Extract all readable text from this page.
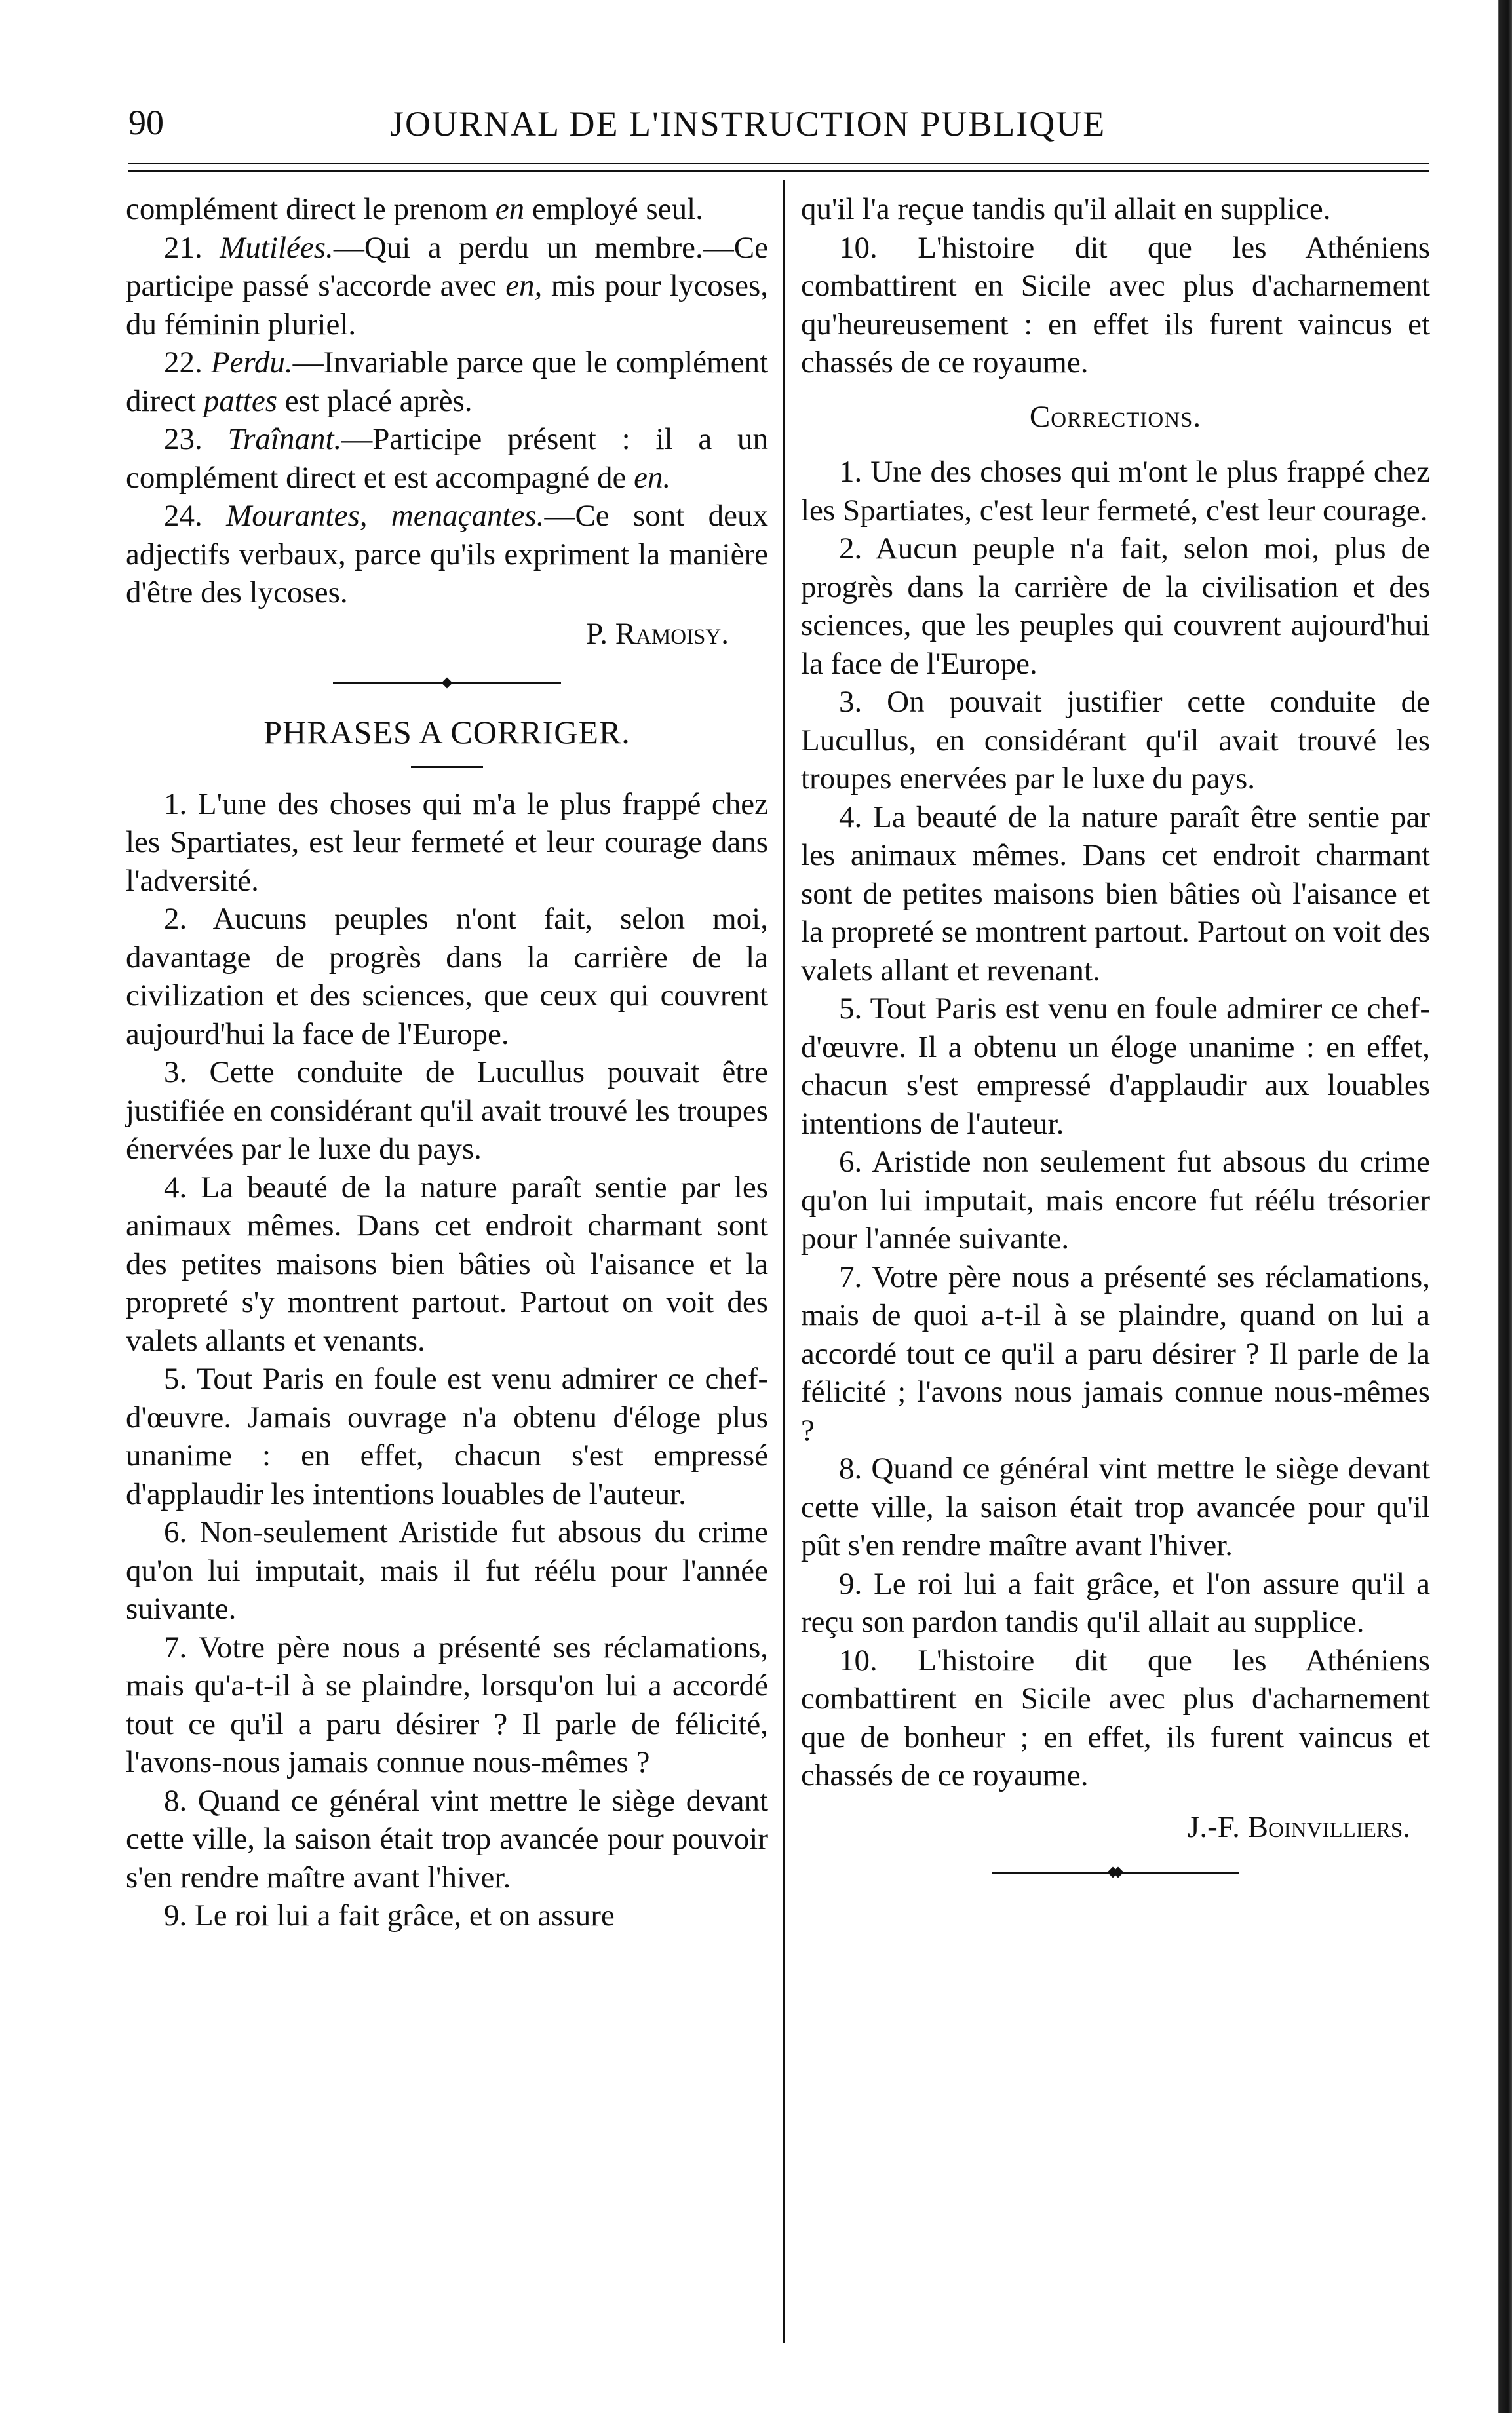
90	JOURNAL DE L'INSTRUCTION PUBLIQUE

complément direct le prenom en employé seul.

21. Mutilées.—Qui a perdu un membre.—Ce participe passé s'accorde avec en, mis pour lycoses, du féminin pluriel.

22. Perdu.—Invariable parce que le complément direct pattes est placé après.

23. Traînant.—Participe présent : il a un complément direct et est accompagné de en.

24. Mourantes, menaçantes.—Ce sont deux adjectifs verbaux, parce qu'ils expriment la manière d'être des lycoses.

P. Ramoisy.

PHRASES A CORRIGER.

1. L'une des choses qui m'a le plus frappé chez les Spartiates, est leur fermeté et leur courage dans l'adversité.

2. Aucuns peuples n'ont fait, selon moi, davantage de progrès dans la carrière de la civilization et des sciences, que ceux qui couvrent aujourd'hui la face de l'Europe.

3. Cette conduite de Lucullus pouvait être justifiée en considérant qu'il avait trouvé les troupes énervées par le luxe du pays.

4. La beauté de la nature paraît sentie par les animaux mêmes. Dans cet endroit charmant sont des petites maisons bien bâties où l'aisance et la propreté s'y montrent partout. Partout on voit des valets allants et venants.

5. Tout Paris en foule est venu admirer ce chef-d'œuvre. Jamais ouvrage n'a obtenu d'éloge plus unanime : en effet, chacun s'est empressé d'applaudir les intentions louables de l'auteur.

6. Non-seulement Aristide fut absous du crime qu'on lui imputait, mais il fut réélu pour l'année suivante.

7. Votre père nous a présenté ses réclamations, mais qu'a-t-il à se plaindre, lorsqu'on lui a accordé tout ce qu'il a paru désirer ? Il parle de félicité, l'avons-nous jamais connue nous-mêmes ?

8. Quand ce général vint mettre le siège devant cette ville, la saison était trop avancée pour pouvoir s'en rendre maître avant l'hiver.

9. Le roi lui a fait grâce, et on assure

qu'il l'a reçue tandis qu'il allait en supplice.

10. L'histoire dit que les Athéniens combattirent en Sicile avec plus d'acharnement qu'heureusement : en effet ils furent vaincus et chassés de ce royaume.

Corrections.

1. Une des choses qui m'ont le plus frappé chez les Spartiates, c'est leur fermeté, c'est leur courage.

2. Aucun peuple n'a fait, selon moi, plus de progrès dans la carrière de la civilisation et des sciences, que les peuples qui couvrent aujourd'hui la face de l'Europe.

3. On pouvait justifier cette conduite de Lucullus, en considérant qu'il avait trouvé les troupes enervées par le luxe du pays.

4. La beauté de la nature paraît être sentie par les animaux mêmes. Dans cet endroit charmant sont de petites maisons bien bâties où l'aisance et la propreté se montrent partout. Partout on voit des valets allant et revenant.

5. Tout Paris est venu en foule admirer ce chef-d'œuvre. Il a obtenu un éloge unanime : en effet, chacun s'est empressé d'applaudir aux louables intentions de l'auteur.

6. Aristide non seulement fut absous du crime qu'on lui imputait, mais encore fut réélu trésorier pour l'année suivante.

7. Votre père nous a présenté ses réclamations, mais de quoi a-t-il à se plaindre, quand on lui a accordé tout ce qu'il a paru désirer ? Il parle de la félicité ; l'avons nous jamais connue nous-mêmes ?

8. Quand ce général vint mettre le siège devant cette ville, la saison était trop avancée pour qu'il pût s'en rendre maître avant l'hiver.

9. Le roi lui a fait grâce, et l'on assure qu'il a reçu son pardon tandis qu'il allait au supplice.

10. L'histoire dit que les Athéniens combattirent en Sicile avec plus d'acharnement que de bonheur ; en effet, ils furent vaincus et chassés de ce royaume.

J.-F. Boinvilliers.
